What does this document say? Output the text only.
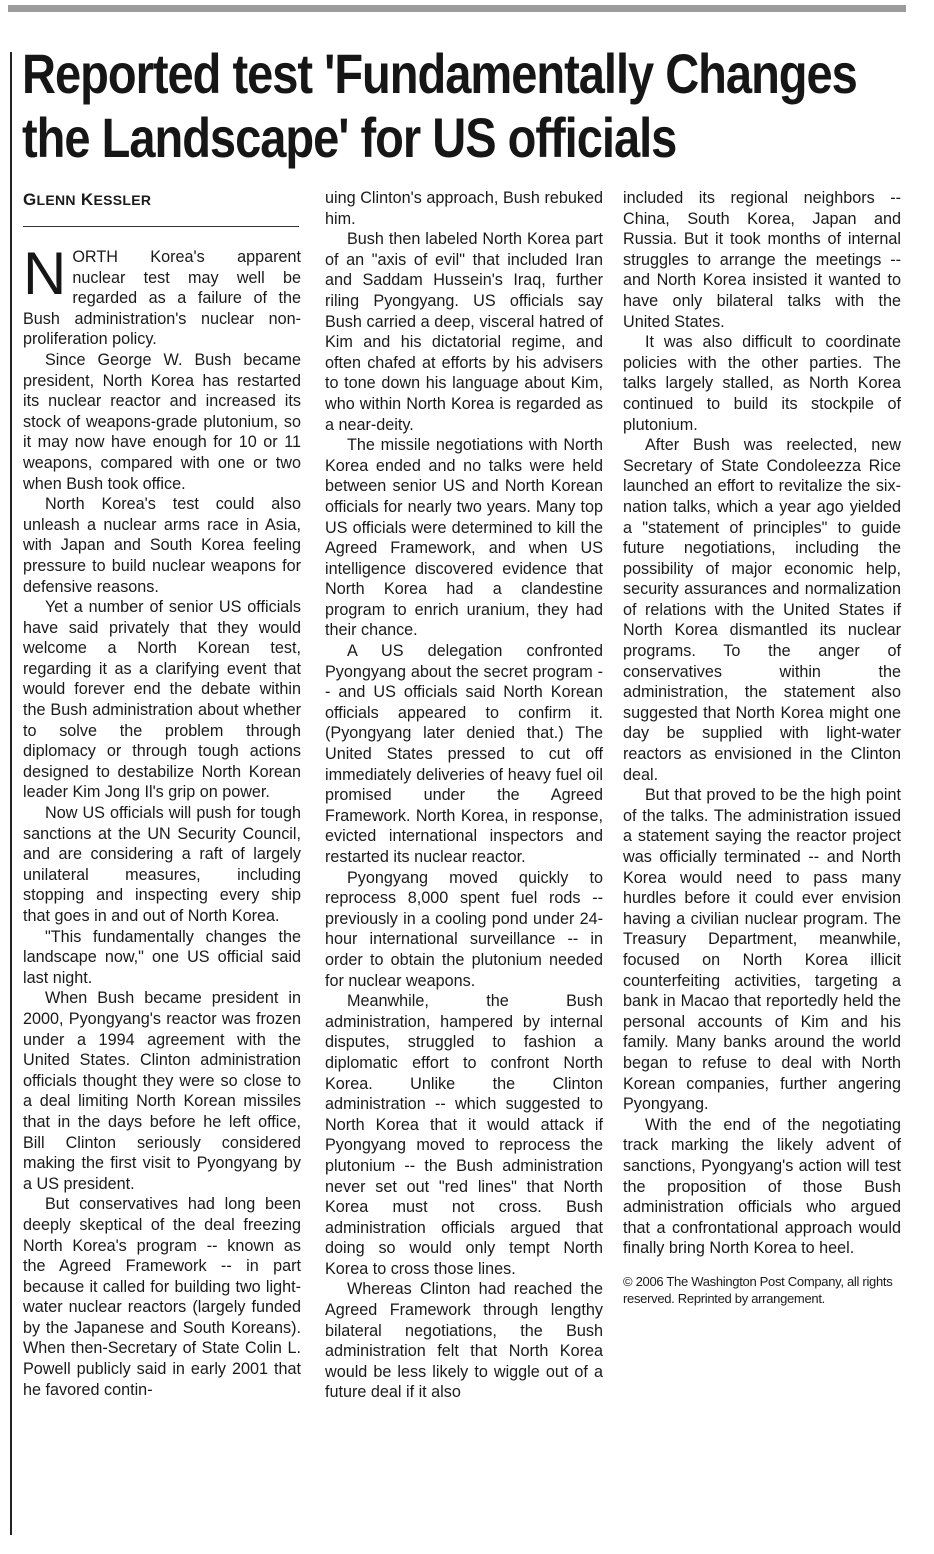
Reported test 'Fundamentally Changes
the Landscape' for US officials
GLENN KESSLER

NORTH Korea's apparent nuclear test may well be regarded as a failure of the Bush administration's nuclear non-proliferation policy.

Since George W. Bush became president, North Korea has restarted its nuclear reactor and increased its stock of weapons-grade plutonium, so it may now have enough for 10 or 11 weapons, compared with one or two when Bush took office.

North Korea's test could also unleash a nuclear arms race in Asia, with Japan and South Korea feeling pressure to build nuclear weapons for defensive reasons.

Yet a number of senior US officials have said privately that they would welcome a North Korean test, regarding it as a clarifying event that would forever end the debate within the Bush administration about whether to solve the problem through diplomacy or through tough actions designed to destabilize North Korean leader Kim Jong Il's grip on power.

Now US officials will push for tough sanctions at the UN Security Council, and are considering a raft of largely unilateral measures, including stopping and inspecting every ship that goes in and out of North Korea.

"This fundamentally changes the landscape now," one US official said last night.

When Bush became president in 2000, Pyongyang's reactor was frozen under a 1994 agreement with the United States. Clinton administration officials thought they were so close to a deal limiting North Korean missiles that in the days before he left office, Bill Clinton seriously considered making the first visit to Pyongyang by a US president.

But conservatives had long been deeply skeptical of the deal freezing North Korea's program -- known as the Agreed Framework -- in part because it called for building two light-water nuclear reactors (largely funded by the Japanese and South Koreans). When then-Secretary of State Colin L. Powell publicly said in early 2001 that he favored contin-

uing Clinton's approach, Bush rebuked him.

Bush then labeled North Korea part of an "axis of evil" that included Iran and Saddam Hussein's Iraq, further riling Pyongyang. US officials say Bush carried a deep, visceral hatred of Kim and his dictatorial regime, and often chafed at efforts by his advisers to tone down his language about Kim, who within North Korea is regarded as a near-deity.

The missile negotiations with North Korea ended and no talks were held between senior US and North Korean officials for nearly two years. Many top US officials were determined to kill the Agreed Framework, and when US intelligence discovered evidence that North Korea had a clandestine program to enrich uranium, they had their chance.

A US delegation confronted Pyongyang about the secret program -- and US officials said North Korean officials appeared to confirm it. (Pyongyang later denied that.) The United States pressed to cut off immediately deliveries of heavy fuel oil promised under the Agreed Framework. North Korea, in response, evicted international inspectors and restarted its nuclear reactor.

Pyongyang moved quickly to reprocess 8,000 spent fuel rods -- previously in a cooling pond under 24-hour international surveillance -- in order to obtain the plutonium needed for nuclear weapons.

Meanwhile, the Bush administration, hampered by internal disputes, struggled to fashion a diplomatic effort to confront North Korea. Unlike the Clinton administration -- which suggested to North Korea that it would attack if Pyongyang moved to reprocess the plutonium -- the Bush administration never set out "red lines" that North Korea must not cross. Bush administration officials argued that doing so would only tempt North Korea to cross those lines.

Whereas Clinton had reached the Agreed Framework through lengthy bilateral negotiations, the Bush administration felt that North Korea would be less likely to wiggle out of a future deal if it also

included its regional neighbors -- China, South Korea, Japan and Russia. But it took months of internal struggles to arrange the meetings -- and North Korea insisted it wanted to have only bilateral talks with the United States.

It was also difficult to coordinate policies with the other parties. The talks largely stalled, as North Korea continued to build its stockpile of plutonium.

After Bush was reelected, new Secretary of State Condoleezza Rice launched an effort to revitalize the six-nation talks, which a year ago yielded a "statement of principles" to guide future negotiations, including the possibility of major economic help, security assurances and normalization of relations with the United States if North Korea dismantled its nuclear programs. To the anger of conservatives within the administration, the statement also suggested that North Korea might one day be supplied with light-water reactors as envisioned in the Clinton deal.

But that proved to be the high point of the talks. The administration issued a statement saying the reactor project was officially terminated -- and North Korea would need to pass many hurdles before it could ever envision having a civilian nuclear program. The Treasury Department, meanwhile, focused on North Korea illicit counterfeiting activities, targeting a bank in Macao that reportedly held the personal accounts of Kim and his family. Many banks around the world began to refuse to deal with North Korean companies, further angering Pyongyang.

With the end of the negotiating track marking the likely advent of sanctions, Pyongyang's action will test the proposition of those Bush administration officials who argued that a confrontational approach would finally bring North Korea to heel.

© 2006 The Washington Post Company, all rights reserved. Reprinted by arrangement.
